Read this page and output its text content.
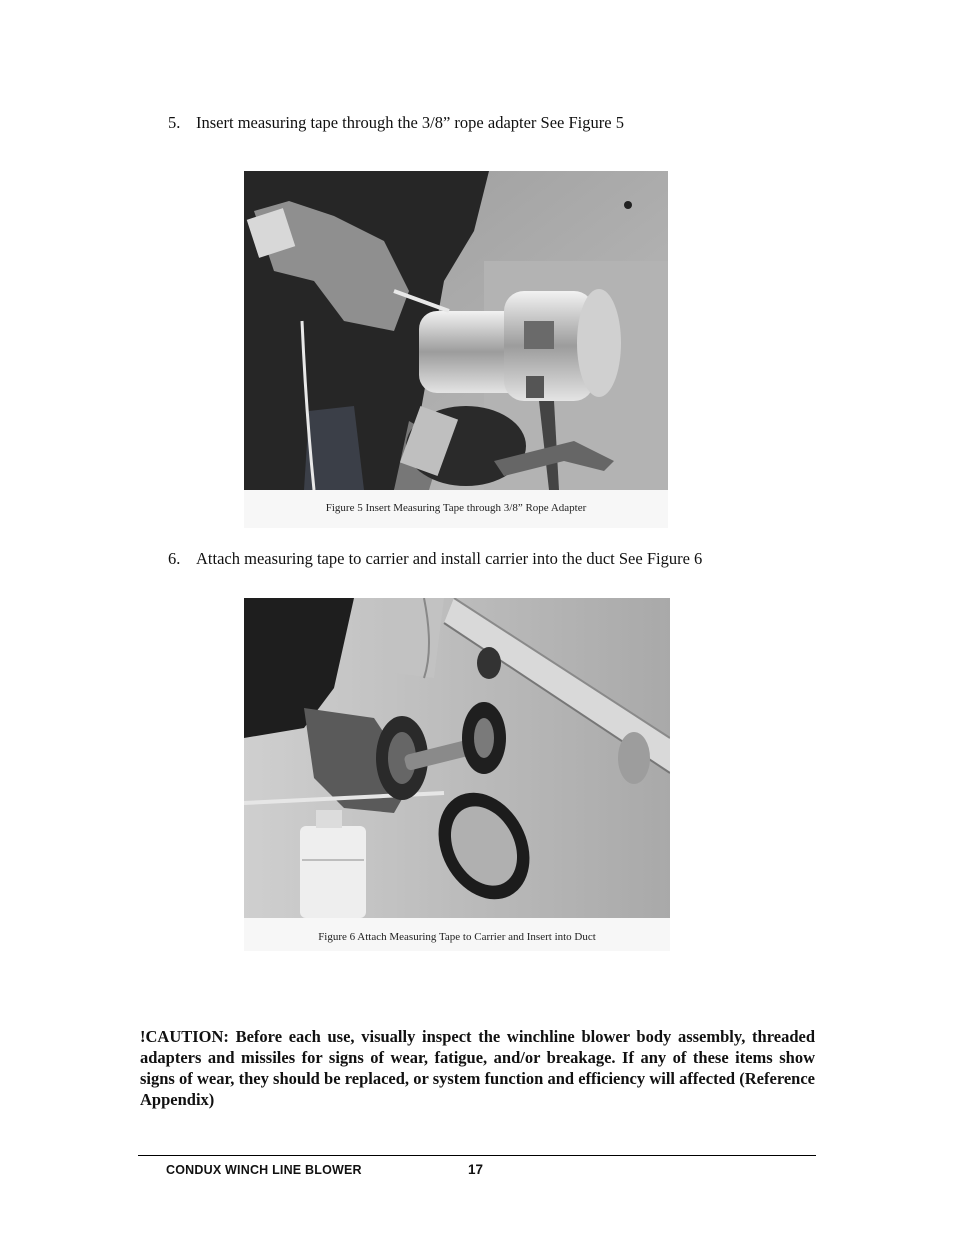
5. Insert measuring tape through the 3/8” rope adapter See Figure 5
Figure 5 Insert Measuring Tape through 3/8” Rope Adapter
6. Attach measuring tape to carrier and install carrier into the duct See Figure 6
Figure 6 Attach Measuring Tape to Carrier and Insert into Duct
!CAUTION: Before each use, visually inspect the winchline blower body assembly, threaded adapters and missiles for signs of wear, fatigue, and/or breakage. If any of these items show signs of wear, they should be replaced, or system function and efficiency will affected (Reference Appendix)
CONDUX WINCH LINE BLOWER	17
